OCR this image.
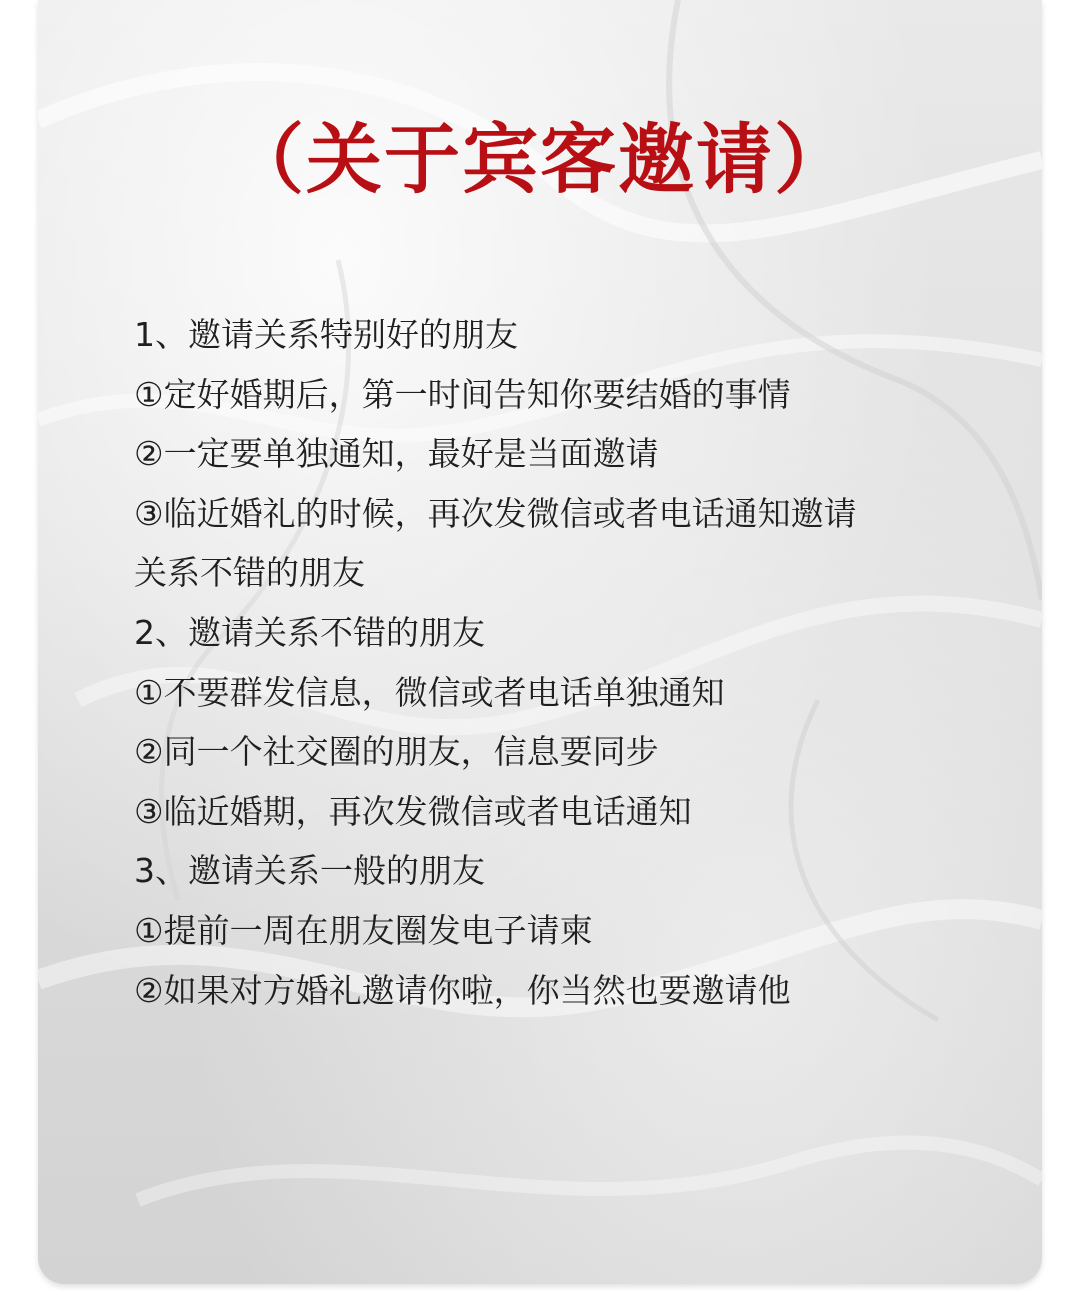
（关于宾客邀请）
1、邀请关系特别好的朋友
①定好婚期后，第一时间告知你要结婚的事情
②一定要单独通知，最好是当面邀请
③临近婚礼的时候，再次发微信或者电话通知邀请
关系不错的朋友
2、邀请关系不错的朋友
①不要群发信息，微信或者电话单独通知
②同一个社交圈的朋友，信息要同步
③临近婚期，再次发微信或者电话通知
3、邀请关系一般的朋友
①提前一周在朋友圈发电子请柬
②如果对方婚礼邀请你啦，你当然也要邀请他
